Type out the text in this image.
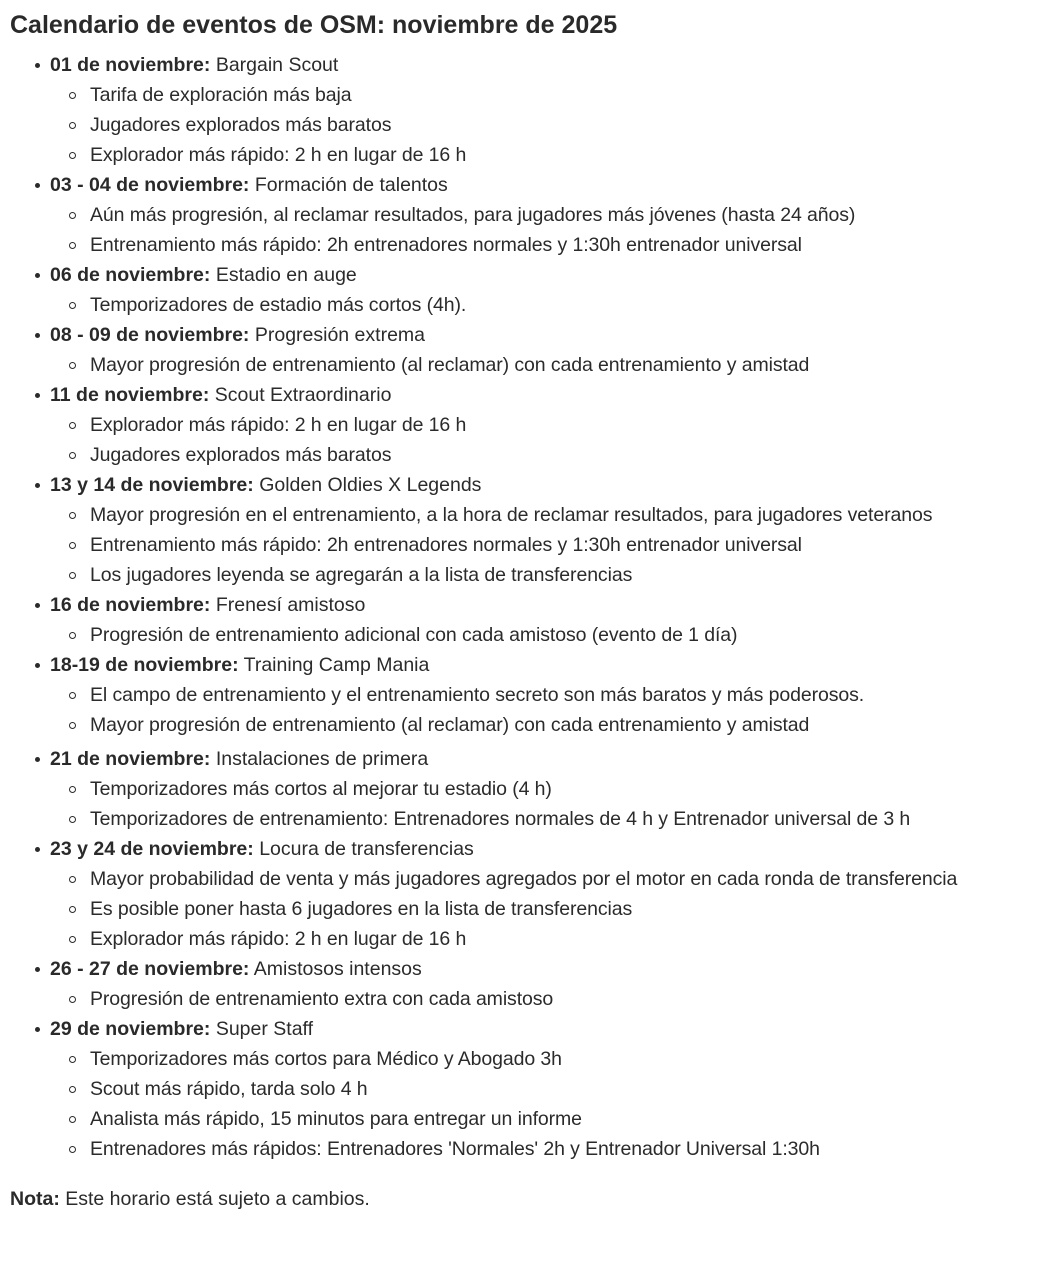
Calendario de eventos de OSM: noviembre de 2025
01 de noviembre: Bargain Scout
Tarifa de exploración más baja
Jugadores explorados más baratos
Explorador más rápido: 2 h en lugar de 16 h
03 - 04 de noviembre: Formación de talentos
Aún más progresión, al reclamar resultados, para jugadores más jóvenes (hasta 24 años)
Entrenamiento más rápido: 2h entrenadores normales y 1:30h entrenador universal
06 de noviembre: Estadio en auge
Temporizadores de estadio más cortos (4h).
08 - 09 de noviembre: Progresión extrema
Mayor progresión de entrenamiento (al reclamar) con cada entrenamiento y amistad
11 de noviembre: Scout Extraordinario
Explorador más rápido: 2 h en lugar de 16 h
Jugadores explorados más baratos
13 y 14 de noviembre: Golden Oldies X Legends
Mayor progresión en el entrenamiento, a la hora de reclamar resultados, para jugadores veteranos
Entrenamiento más rápido: 2h entrenadores normales y 1:30h entrenador universal
Los jugadores leyenda se agregarán a la lista de transferencias
16 de noviembre: Frenesí amistoso
Progresión de entrenamiento adicional con cada amistoso (evento de 1 día)
18-19 de noviembre: Training Camp Mania
El campo de entrenamiento y el entrenamiento secreto son más baratos y más poderosos.
Mayor progresión de entrenamiento (al reclamar) con cada entrenamiento y amistad
21 de noviembre: Instalaciones de primera
Temporizadores más cortos al mejorar tu estadio (4 h)
Temporizadores de entrenamiento: Entrenadores normales de 4 h y Entrenador universal de 3 h
23 y 24 de noviembre: Locura de transferencias
Mayor probabilidad de venta y más jugadores agregados por el motor en cada ronda de transferencia
Es posible poner hasta 6 jugadores en la lista de transferencias
Explorador más rápido: 2 h en lugar de 16 h
26 - 27 de noviembre: Amistosos intensos
Progresión de entrenamiento extra con cada amistoso
29 de noviembre: Super Staff
Temporizadores más cortos para Médico y Abogado 3h
Scout más rápido, tarda solo 4 h
Analista más rápido, 15 minutos para entregar un informe
Entrenadores más rápidos: Entrenadores 'Normales' 2h y Entrenador Universal 1:30h

Nota: Este horario está sujeto a cambios.
